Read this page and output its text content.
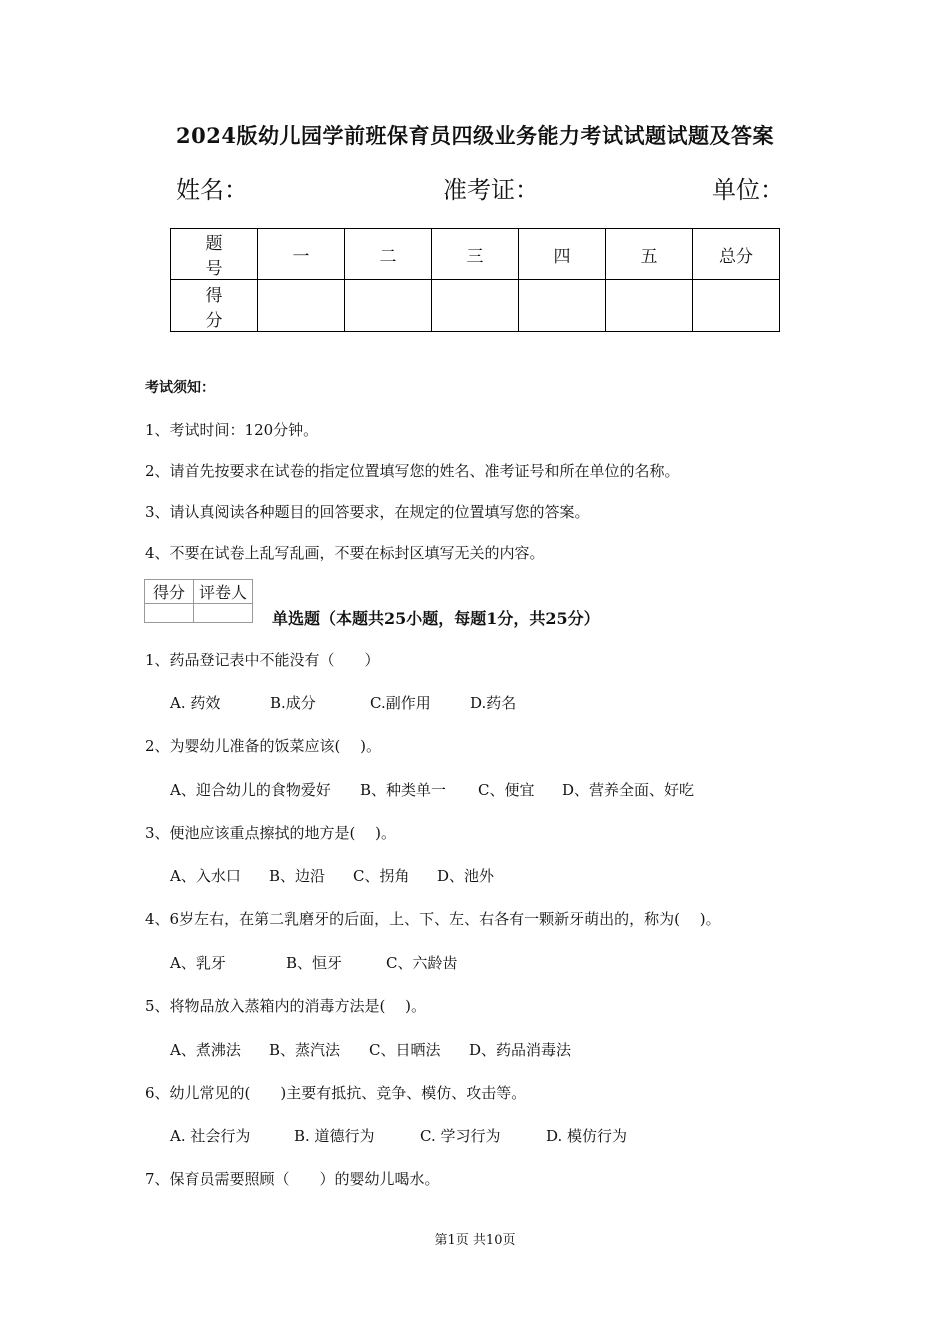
2024版幼儿园学前班保育员四级业务能力考试试题试题及答案
姓名：	准考证：	单位：
题 号	一	二	三	四	五	总分
得 分						
考试须知：
1、考试时间：120分钟。
2、请首先按要求在试卷的指定位置填写您的姓名、准考证号和所在单位的名称。
3、请认真阅读各种题目的回答要求，在规定的位置填写您的答案。
4、不要在试卷上乱写乱画，不要在标封区填写无关的内容。
得分	评卷人

单选题（本题共25小题，每题1分，共25分）
1、药品登记表中不能没有（　　）
A. 药效	B.成分	C.副作用	D.药名
2、为婴幼儿准备的饭菜应该(　 )。
A、迎合幼儿的食物爱好 B、种类单一 C、便宜 D、营养全面、好吃
3、便池应该重点擦拭的地方是(　 )。
A、入水口 B、边沿 C、拐角 D、池外
4、6岁左右，在第二乳磨牙的后面，上、下、左、右各有一颗新牙萌出的，称为(　 )。
A、乳牙	B、恒牙	C、六龄齿
5、将物品放入蒸箱内的消毒方法是(　 )。
A、煮沸法 B、蒸汽法 C、日晒法 D、药品消毒法
6、幼儿常见的(　　)主要有抵抗、竞争、模仿、攻击等。
A. 社会行为	B. 道德行为	C. 学习行为	D. 模仿行为
7、保育员需要照顾（　　）的婴幼儿喝水。
第1页 共10页
